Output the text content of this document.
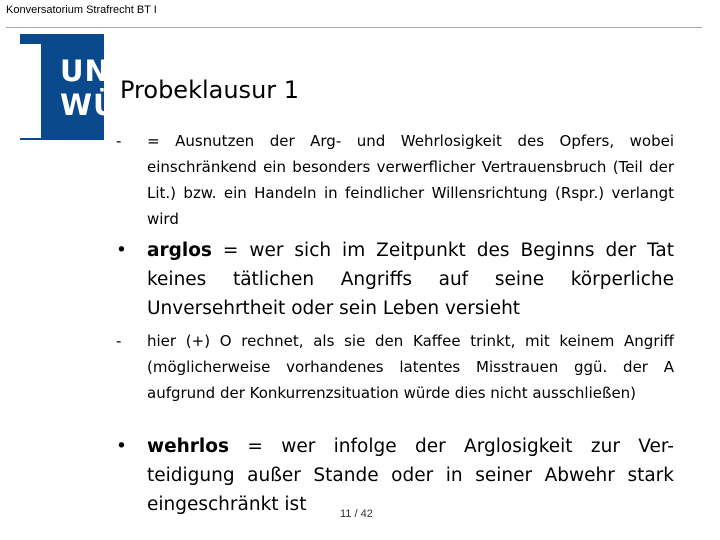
Konversatorium Strafrecht BT I
UNI
WÜ Probeklausur 1
- = Ausnutzen der Arg- und Wehrlosigkeit des Opfers, wobei einschränkend ein besonders verwerflicher Vertrauensbruch (Teil der Lit.) bzw. ein Handeln in feindlicher Willensrichtung (Rspr.) verlangt wird
• arglos = wer sich im Zeitpunkt des Beginns der Tat keines tätlichen Angriffs auf seine körperliche Unversehrtheit oder sein Leben versieht
- hier (+) O rechnet, als sie den Kaffee trinkt, mit keinem Angriff (möglicherweise vorhandenes latentes Misstrauen ggü. der A aufgrund der Konkurrenzsituation würde dies nicht ausschließen)
• wehrlos = wer infolge der Arglosigkeit zur Ver-teidigung außer Stande oder in seiner Abwehr stark eingeschränkt ist	11 / 42
